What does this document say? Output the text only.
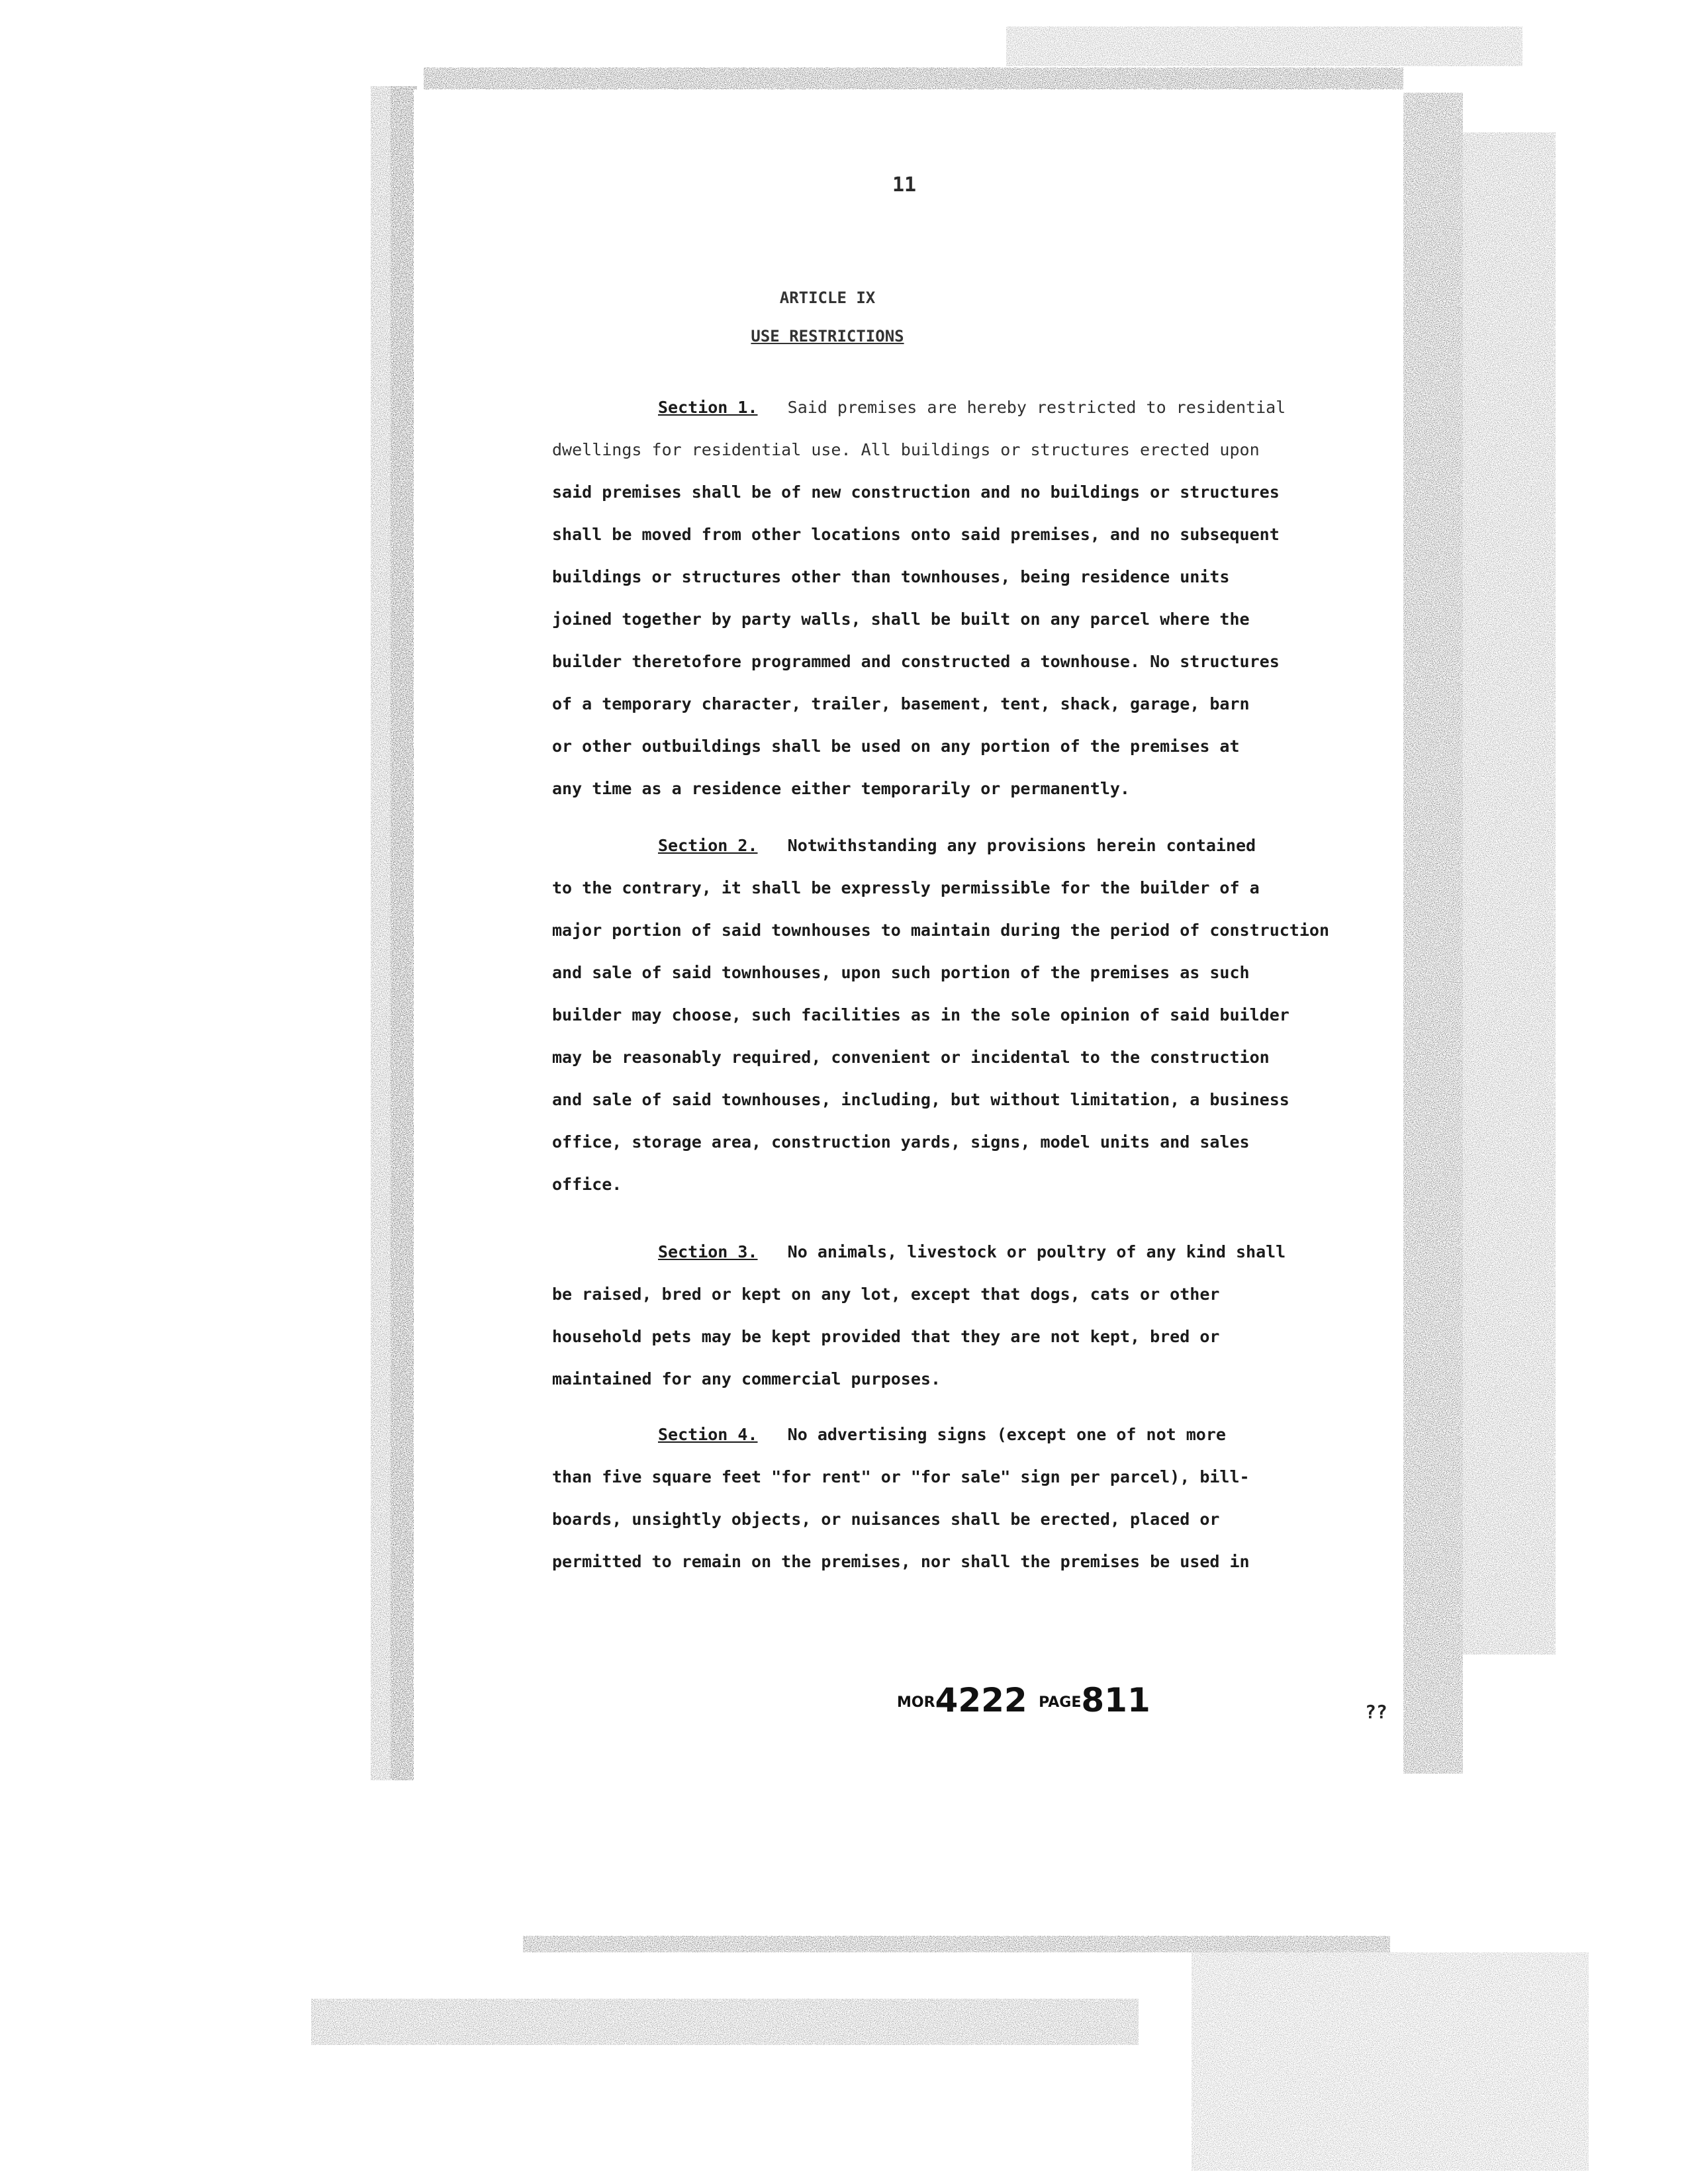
11
ARTICLE IX
USE RESTRICTIONS
Section 1. Said premises are hereby restricted to residential
dwellings for residential use. All buildings or structures erected upon
said premises shall be of new construction and no buildings or structures
shall be moved from other locations onto said premises, and no subsequent
buildings or structures other than townhouses, being residence units
joined together by party walls, shall be built on any parcel where the
builder theretofore programmed and constructed a townhouse. No structures
of a temporary character, trailer, basement, tent, shack, garage, barn
or other outbuildings shall be used on any portion of the premises at
any time as a residence either temporarily or permanently.
Section 2. Notwithstanding any provisions herein contained
to the contrary, it shall be expressly permissible for the builder of a
major portion of said townhouses to maintain during the period of construction
and sale of said townhouses, upon such portion of the premises as such
builder may choose, such facilities as in the sole opinion of said builder
may be reasonably required, convenient or incidental to the construction
and sale of said townhouses, including, but without limitation, a business
office, storage area, construction yards, signs, model units and sales
office.
Section 3. No animals, livestock or poultry of any kind shall
be raised, bred or kept on any lot, except that dogs, cats or other
household pets may be kept provided that they are not kept, bred or
maintained for any commercial purposes.
Section 4. No advertising signs (except one of not more
than five square feet "for rent" or "for sale" sign per parcel), bill-
boards, unsightly objects, or nuisances shall be erected, placed or
permitted to remain on the premises, nor shall the premises be used in
MOR4222 PAGE811	??
